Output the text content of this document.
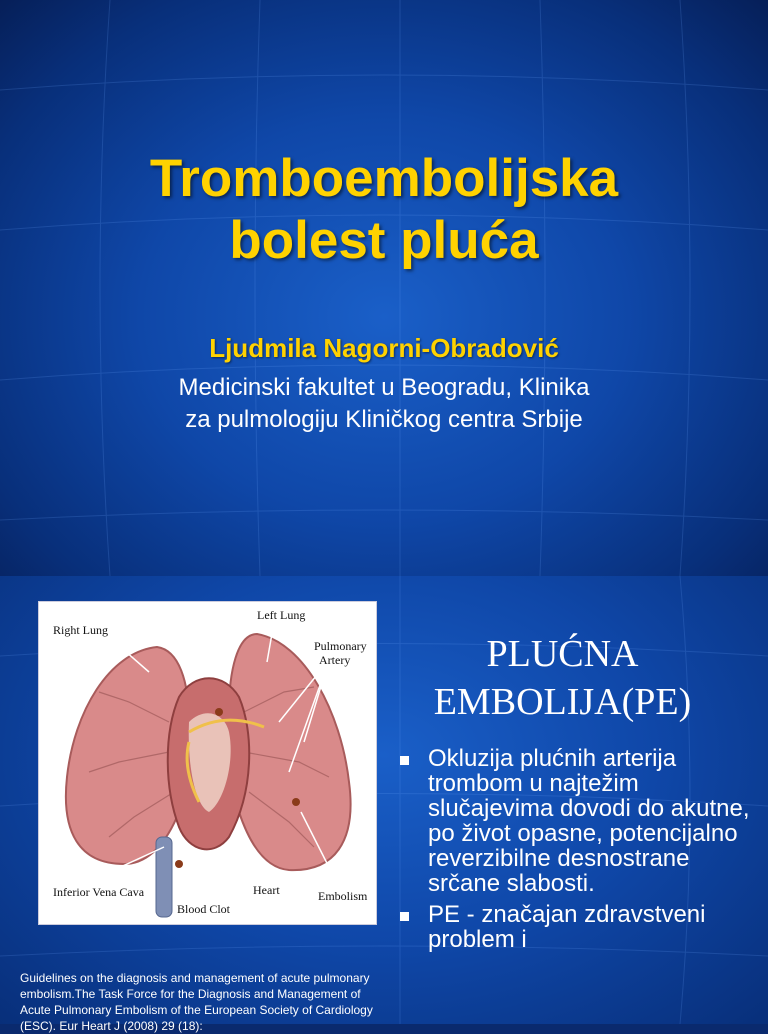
Tromboembolijska
bolest pluća
Ljudmila Nagorni-Obradović
Medicinski fakultet u Beogradu, Klinika
za pulmologiju Kliničkog centra Srbije
Right Lung
Left Lung
Pulmonary
Artery
Inferior Vena Cava	Heart	Embolism
Blood Clot
PLUĆNA
EMBOLIJA(PE)
Okluzija plućnih arterija trombom u najtežim slučajevima dovodi do akutne, po život opasne, potencijalno reverzibilne desnostrane srčane slabosti.
PE - značajan zdravstveni problem i
Guidelines on the diagnosis and management of acute pulmonary embolism.The Task Force for the Diagnosis and Management of Acute Pulmonary Embolism of the European Society of Cardiology (ESC). Eur Heart J (2008) 29 (18):
